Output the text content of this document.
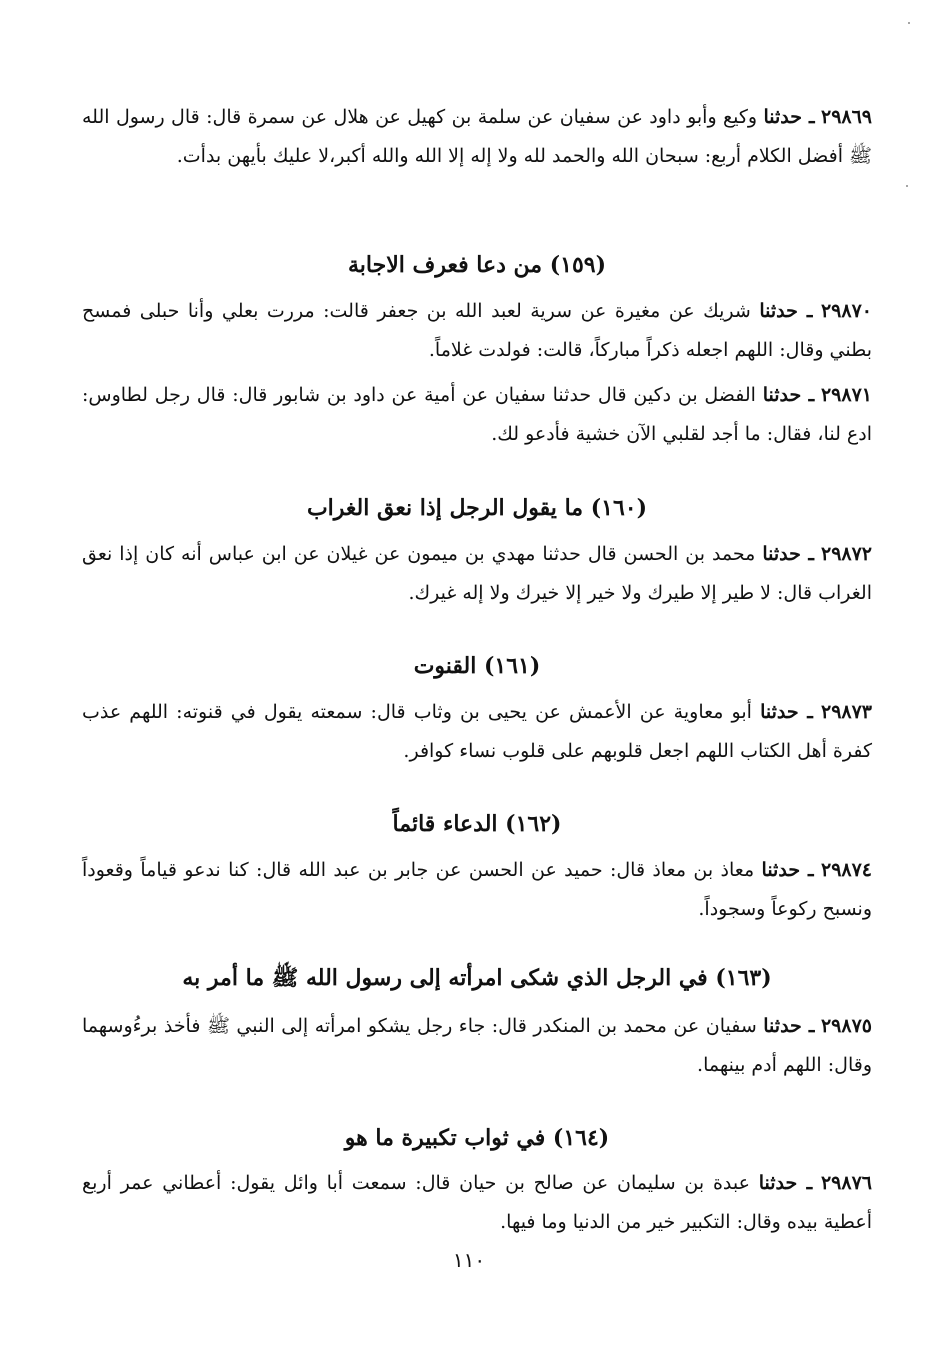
٢٩٨٦٩ ـ حدثنا وكيع وأبو داود عن سفيان عن سلمة بن كهيل عن هلال عن سمرة قال: قال رسول الله ﷺ أفضل الكلام أربع: سبحان الله والحمد لله ولا إله إلا الله والله أكبر،لا عليك بأيهن بدأت.
(١٥٩) من دعا فعرف الاجابة
٢٩٨٧٠ ـ حدثنا شريك عن مغيرة عن سرية لعبد الله بن جعفر قالت: مررت بعلي وأنا حبلى فمسح بطني وقال: اللهم اجعله ذكراً مباركاً، قالت: فولدت غلاماً.
٢٩٨٧١ ـ حدثنا الفضل بن دكين قال حدثنا سفيان عن أمية عن داود بن شابور قال: قال رجل لطاوس: ادع لنا، فقال: ما أجد لقلبي الآن خشية فأدعو لك.
(١٦٠) ما يقول الرجل إذا نعق الغراب
٢٩٨٧٢ ـ حدثنا محمد بن الحسن قال حدثنا مهدي بن ميمون عن غيلان عن ابن عباس أنه كان إذا نعق الغراب قال: لا طير إلا طيرك ولا خير إلا خيرك ولا إله غيرك.
(١٦١) القنوت
٢٩٨٧٣ ـ حدثنا أبو معاوية عن الأعمش عن يحيى بن وثاب قال: سمعته يقول في قنوته: اللهم عذب كفرة أهل الكتاب اللهم اجعل قلوبهم على قلوب نساء كوافر.
(١٦٢) الدعاء قائماً
٢٩٨٧٤ ـ حدثنا معاذ بن معاذ قال: حميد عن الحسن عن جابر بن عبد الله قال: كنا ندعو قياماً وقعوداً ونسبح ركوعاً وسجوداً.
(١٦٣) في الرجل الذي شكى امرأته إلى رسول الله ﷺ ما أمر به
٢٩٨٧٥ ـ حدثنا سفيان عن محمد بن المنكدر قال: جاء رجل يشكو امرأته إلى النبي ﷺ فأخذ برءُوسهما وقال: اللهم أدم بينهما.
(١٦٤) في ثواب تكبيرة ما هو
٢٩٨٧٦ ـ حدثنا عبدة بن سليمان عن صالح بن حيان قال: سمعت أبا وائل يقول: أعطاني عمر أربع أعطية بيده وقال: التكبير خير من الدنيا وما فيها.
١١٠
